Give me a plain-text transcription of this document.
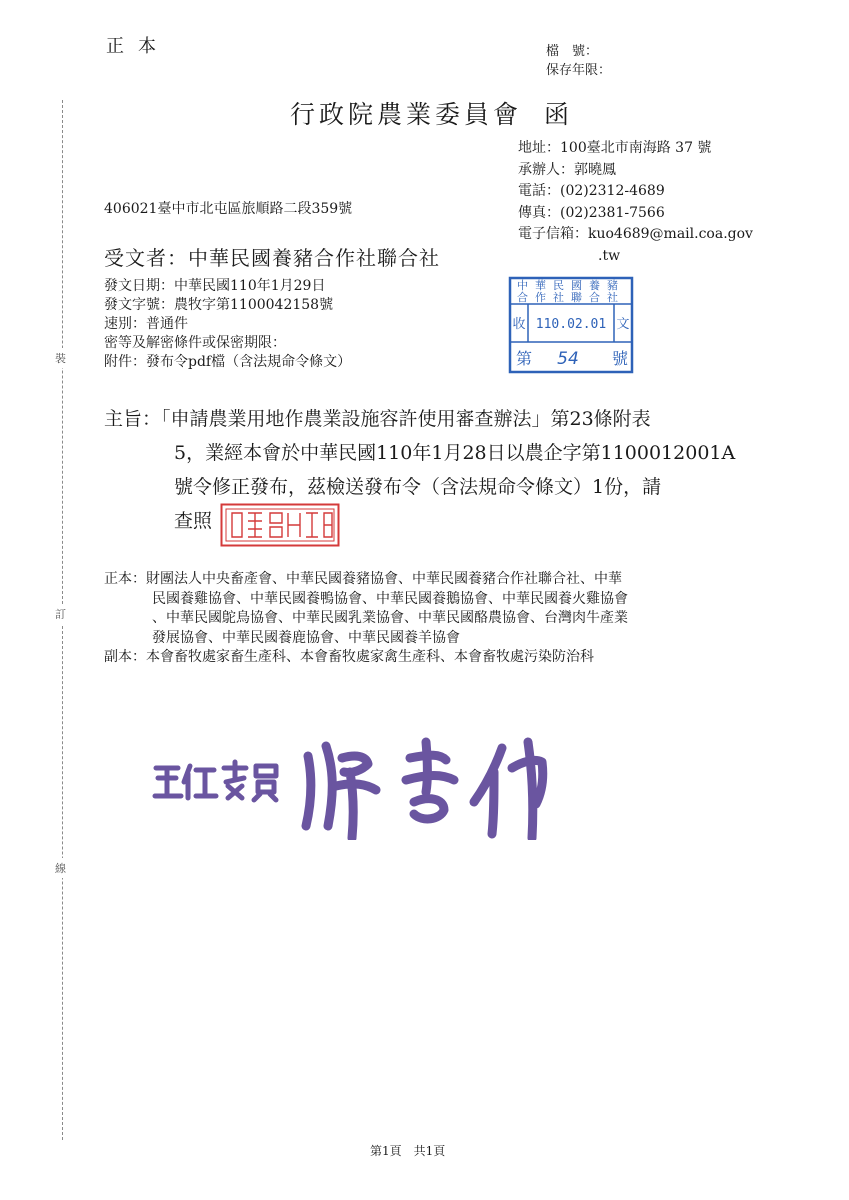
正本	檔　號：
保存年限：
行政院農業委員會 函
地址：100臺北市南海路 37 號
承辦人：郭曉鳳
電話：(02)2312-4689
傳真：(02)2381-7566
電子信箱：kuo4689@mail.coa.gov
.tw
406021臺中市北屯區旅順路二段359號
受文者：中華民國養豬合作社聯合社
發文日期：中華民國110年1月29日
發文字號：農牧字第1100042158號
速別：普通件
密等及解密條件或保密期限：
附件：發布令pdf檔（含法規命令條文）
中華民國養豬
合作社聯合社
收 110.02.01 文
第 54 號
主旨：「申請農業用地作農業設施容許使用審查辦法」第23條附表
5，業經本會於中華民國110年1月28日以農企字第1100012001A
號令修正發布，茲檢送發布令（含法規命令條文）1份，請
查照
正本：財團法人中央畜產會、中華民國養豬協會、中華民國養豬合作社聯合社、中華
民國養雞協會、中華民國養鴨協會、中華民國養鵝協會、中華民國養火雞協會
、中華民國鴕鳥協會、中華民國乳業協會、中華民國酪農協會、台灣肉牛產業
發展協會、中華民國養鹿協會、中華民國養羊協會
副本：本會畜牧處家畜生產科、本會畜牧處家禽生產科、本會畜牧處污染防治科
裝
訂
線
第1頁　共1頁
